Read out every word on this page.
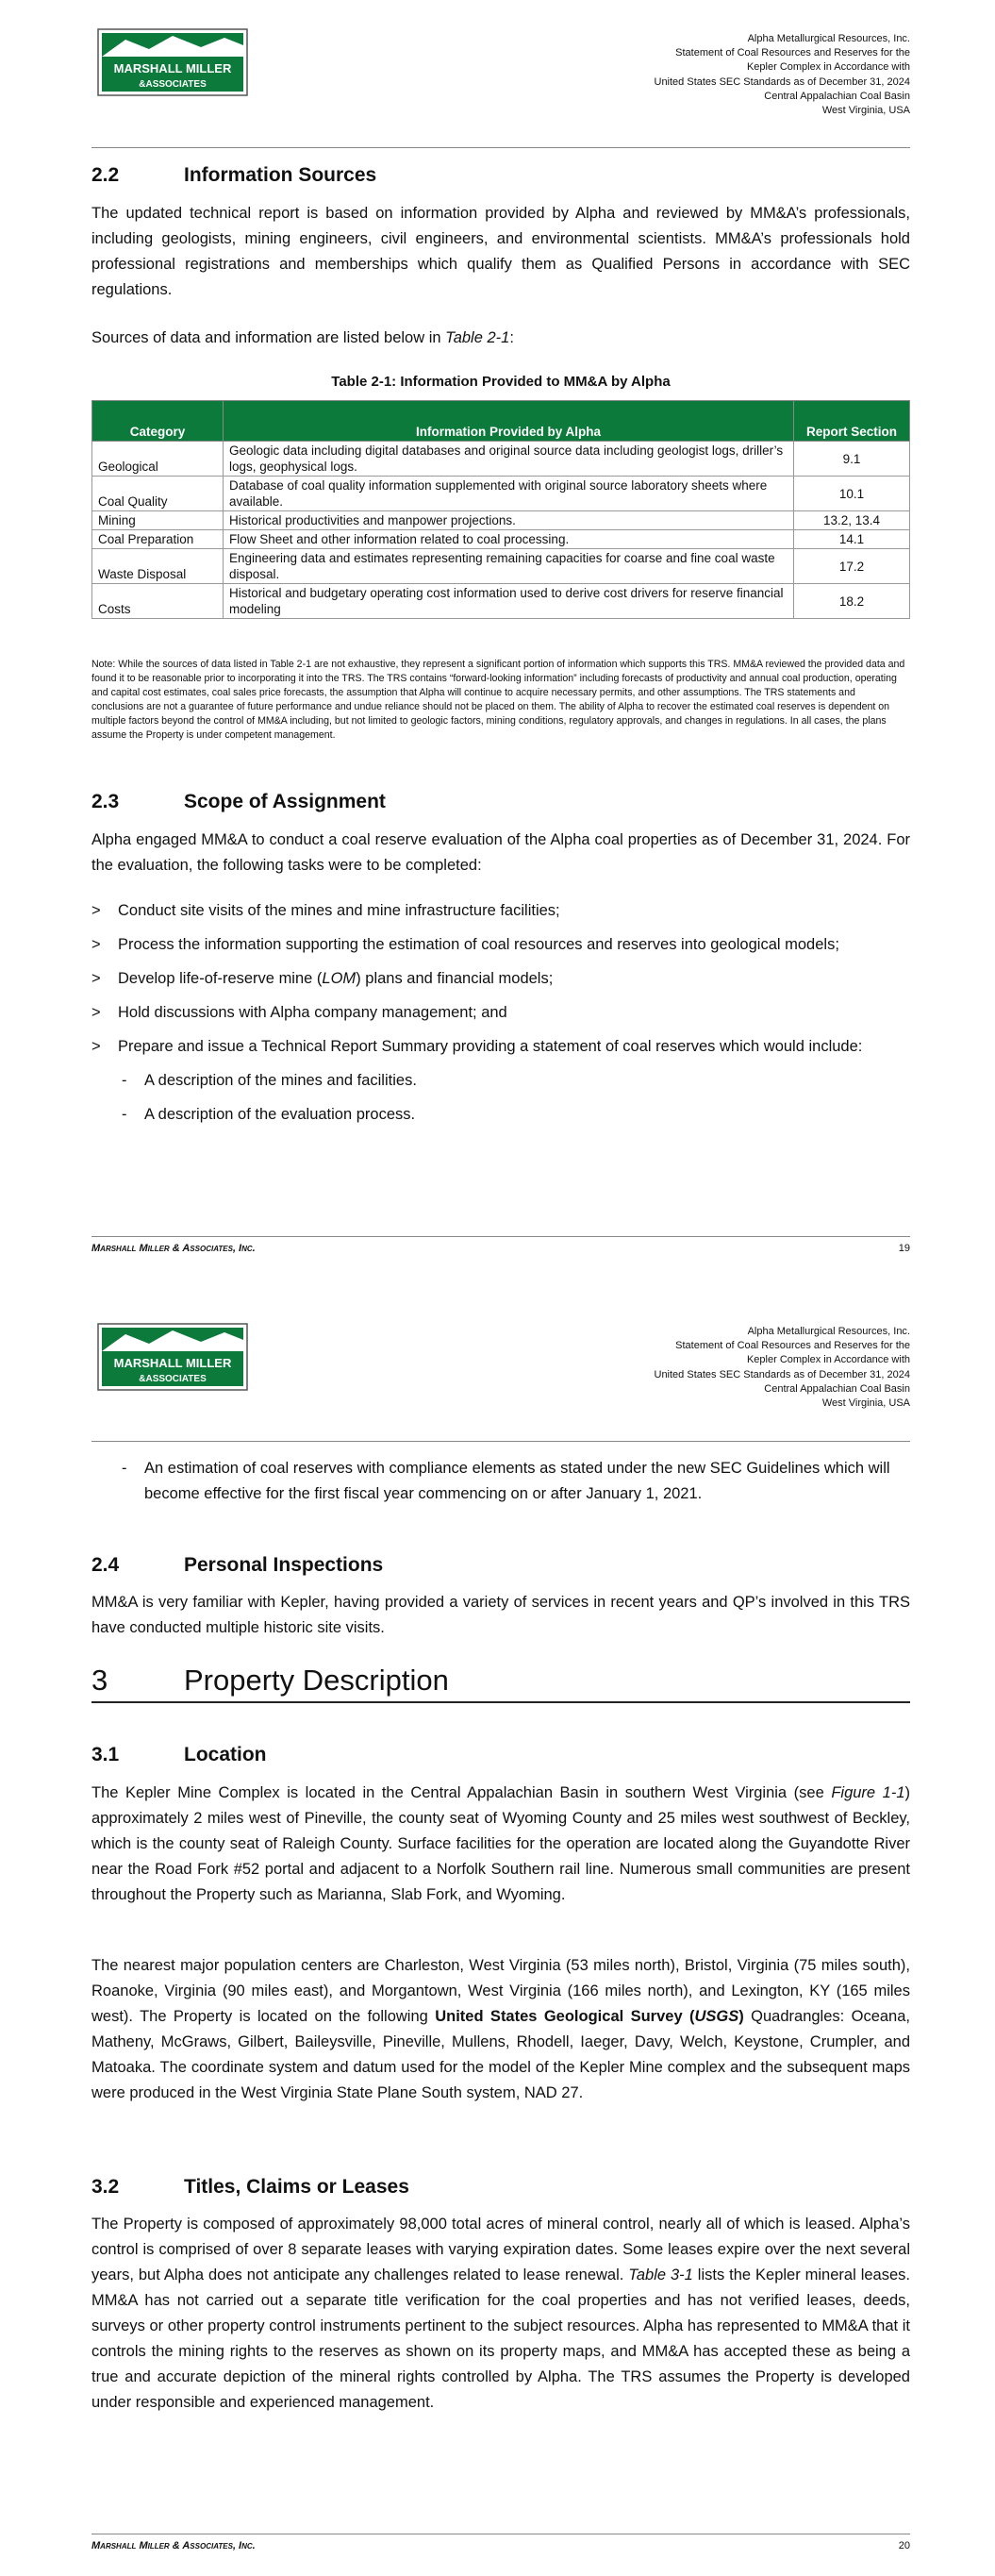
MARSHALL MILLER
&ASSOCIATES
Alpha Metallurgical Resources, Inc.
Statement of Coal Resources and Reserves for the
Kepler Complex in Accordance with
United States SEC Standards as of December 31, 2024
Central Appalachian Coal Basin
West Virginia, USA
2.2	Information Sources
The updated technical report is based on information provided by Alpha and reviewed by MM&A’s professionals, including geologists, mining engineers, civil engineers, and environmental scientists. MM&A’s professionals hold professional registrations and memberships which qualify them as Qualified Persons in accordance with SEC regulations.
Sources of data and information are listed below in Table 2-1:
Table 2-1: Information Provided to MM&A by Alpha
Category	Information Provided by Alpha	Report Section
Geological	Geologic data including digital databases and original source data including geologist logs, driller’s logs, geophysical logs.	9.1
Coal Quality	Database of coal quality information supplemented with original source laboratory sheets where available.	10.1
Mining	Historical productivities and manpower projections.	13.2, 13.4
Coal Preparation	Flow Sheet and other information related to coal processing.	14.1
Waste Disposal	Engineering data and estimates representing remaining capacities for coarse and fine coal waste disposal.	17.2
Costs	Historical and budgetary operating cost information used to derive cost drivers for reserve financial modeling	18.2
Note: While the sources of data listed in Table 2-1 are not exhaustive, they represent a significant portion of information which supports this TRS. MM&A reviewed the provided data and found it to be reasonable prior to incorporating it into the TRS. The TRS contains “forward-looking information” including forecasts of productivity and annual coal production, operating and capital cost estimates, coal sales price forecasts, the assumption that Alpha will continue to acquire necessary permits, and other assumptions. The TRS statements and conclusions are not a guarantee of future performance and undue reliance should not be placed on them. The ability of Alpha to recover the estimated coal reserves is dependent on multiple factors beyond the control of MM&A including, but not limited to geologic factors, mining conditions, regulatory approvals, and changes in regulations. In all cases, the plans assume the Property is under competent management.
2.3	Scope of Assignment
Alpha engaged MM&A to conduct a coal reserve evaluation of the Alpha coal properties as of December 31, 2024. For the evaluation, the following tasks were to be completed:
> Conduct site visits of the mines and mine infrastructure facilities;
> Process the information supporting the estimation of coal resources and reserves into geological models;
> Develop life-of-reserve mine (LOM) plans and financial models;
> Hold discussions with Alpha company management; and
> Prepare and issue a Technical Report Summary providing a statement of coal reserves which would include:
- A description of the mines and facilities.
- A description of the evaluation process.
Marshall Miller & Associates, Inc.	19
MARSHALL MILLER
&ASSOCIATES
Alpha Metallurgical Resources, Inc.
Statement of Coal Resources and Reserves for the
Kepler Complex in Accordance with
United States SEC Standards as of December 31, 2024
Central Appalachian Coal Basin
West Virginia, USA
- An estimation of coal reserves with compliance elements as stated under the new SEC Guidelines which will become effective for the first fiscal year commencing on or after January 1, 2021.
2.4	Personal Inspections
MM&A is very familiar with Kepler, having provided a variety of services in recent years and QP’s involved in this TRS have conducted multiple historic site visits.
3	Property Description
3.1	Location
The Kepler Mine Complex is located in the Central Appalachian Basin in southern West Virginia (see Figure 1-1) approximately 2 miles west of Pineville, the county seat of Wyoming County and 25 miles west southwest of Beckley, which is the county seat of Raleigh County. Surface facilities for the operation are located along the Guyandotte River near the Road Fork #52 portal and adjacent to a Norfolk Southern rail line. Numerous small communities are present throughout the Property such as Marianna, Slab Fork, and Wyoming.
The nearest major population centers are Charleston, West Virginia (53 miles north), Bristol, Virginia (75 miles south), Roanoke, Virginia (90 miles east), and Morgantown, West Virginia (166 miles north), and Lexington, KY (165 miles west). The Property is located on the following United States Geological Survey (USGS) Quadrangles: Oceana, Matheny, McGraws, Gilbert, Baileysville, Pineville, Mullens, Rhodell, Iaeger, Davy, Welch, Keystone, Crumpler, and Matoaka. The coordinate system and datum used for the model of the Kepler Mine complex and the subsequent maps were produced in the West Virginia State Plane South system, NAD 27.
3.2	Titles, Claims or Leases
The Property is composed of approximately 98,000 total acres of mineral control, nearly all of which is leased. Alpha’s control is comprised of over 8 separate leases with varying expiration dates. Some leases expire over the next several years, but Alpha does not anticipate any challenges related to lease renewal. Table 3-1 lists the Kepler mineral leases. MM&A has not carried out a separate title verification for the coal properties and has not verified leases, deeds, surveys or other property control instruments pertinent to the subject resources. Alpha has represented to MM&A that it controls the mining rights to the reserves as shown on its property maps, and MM&A has accepted these as being a true and accurate depiction of the mineral rights controlled by Alpha. The TRS assumes the Property is developed under responsible and experienced management.
Marshall Miller & Associates, Inc.	20
